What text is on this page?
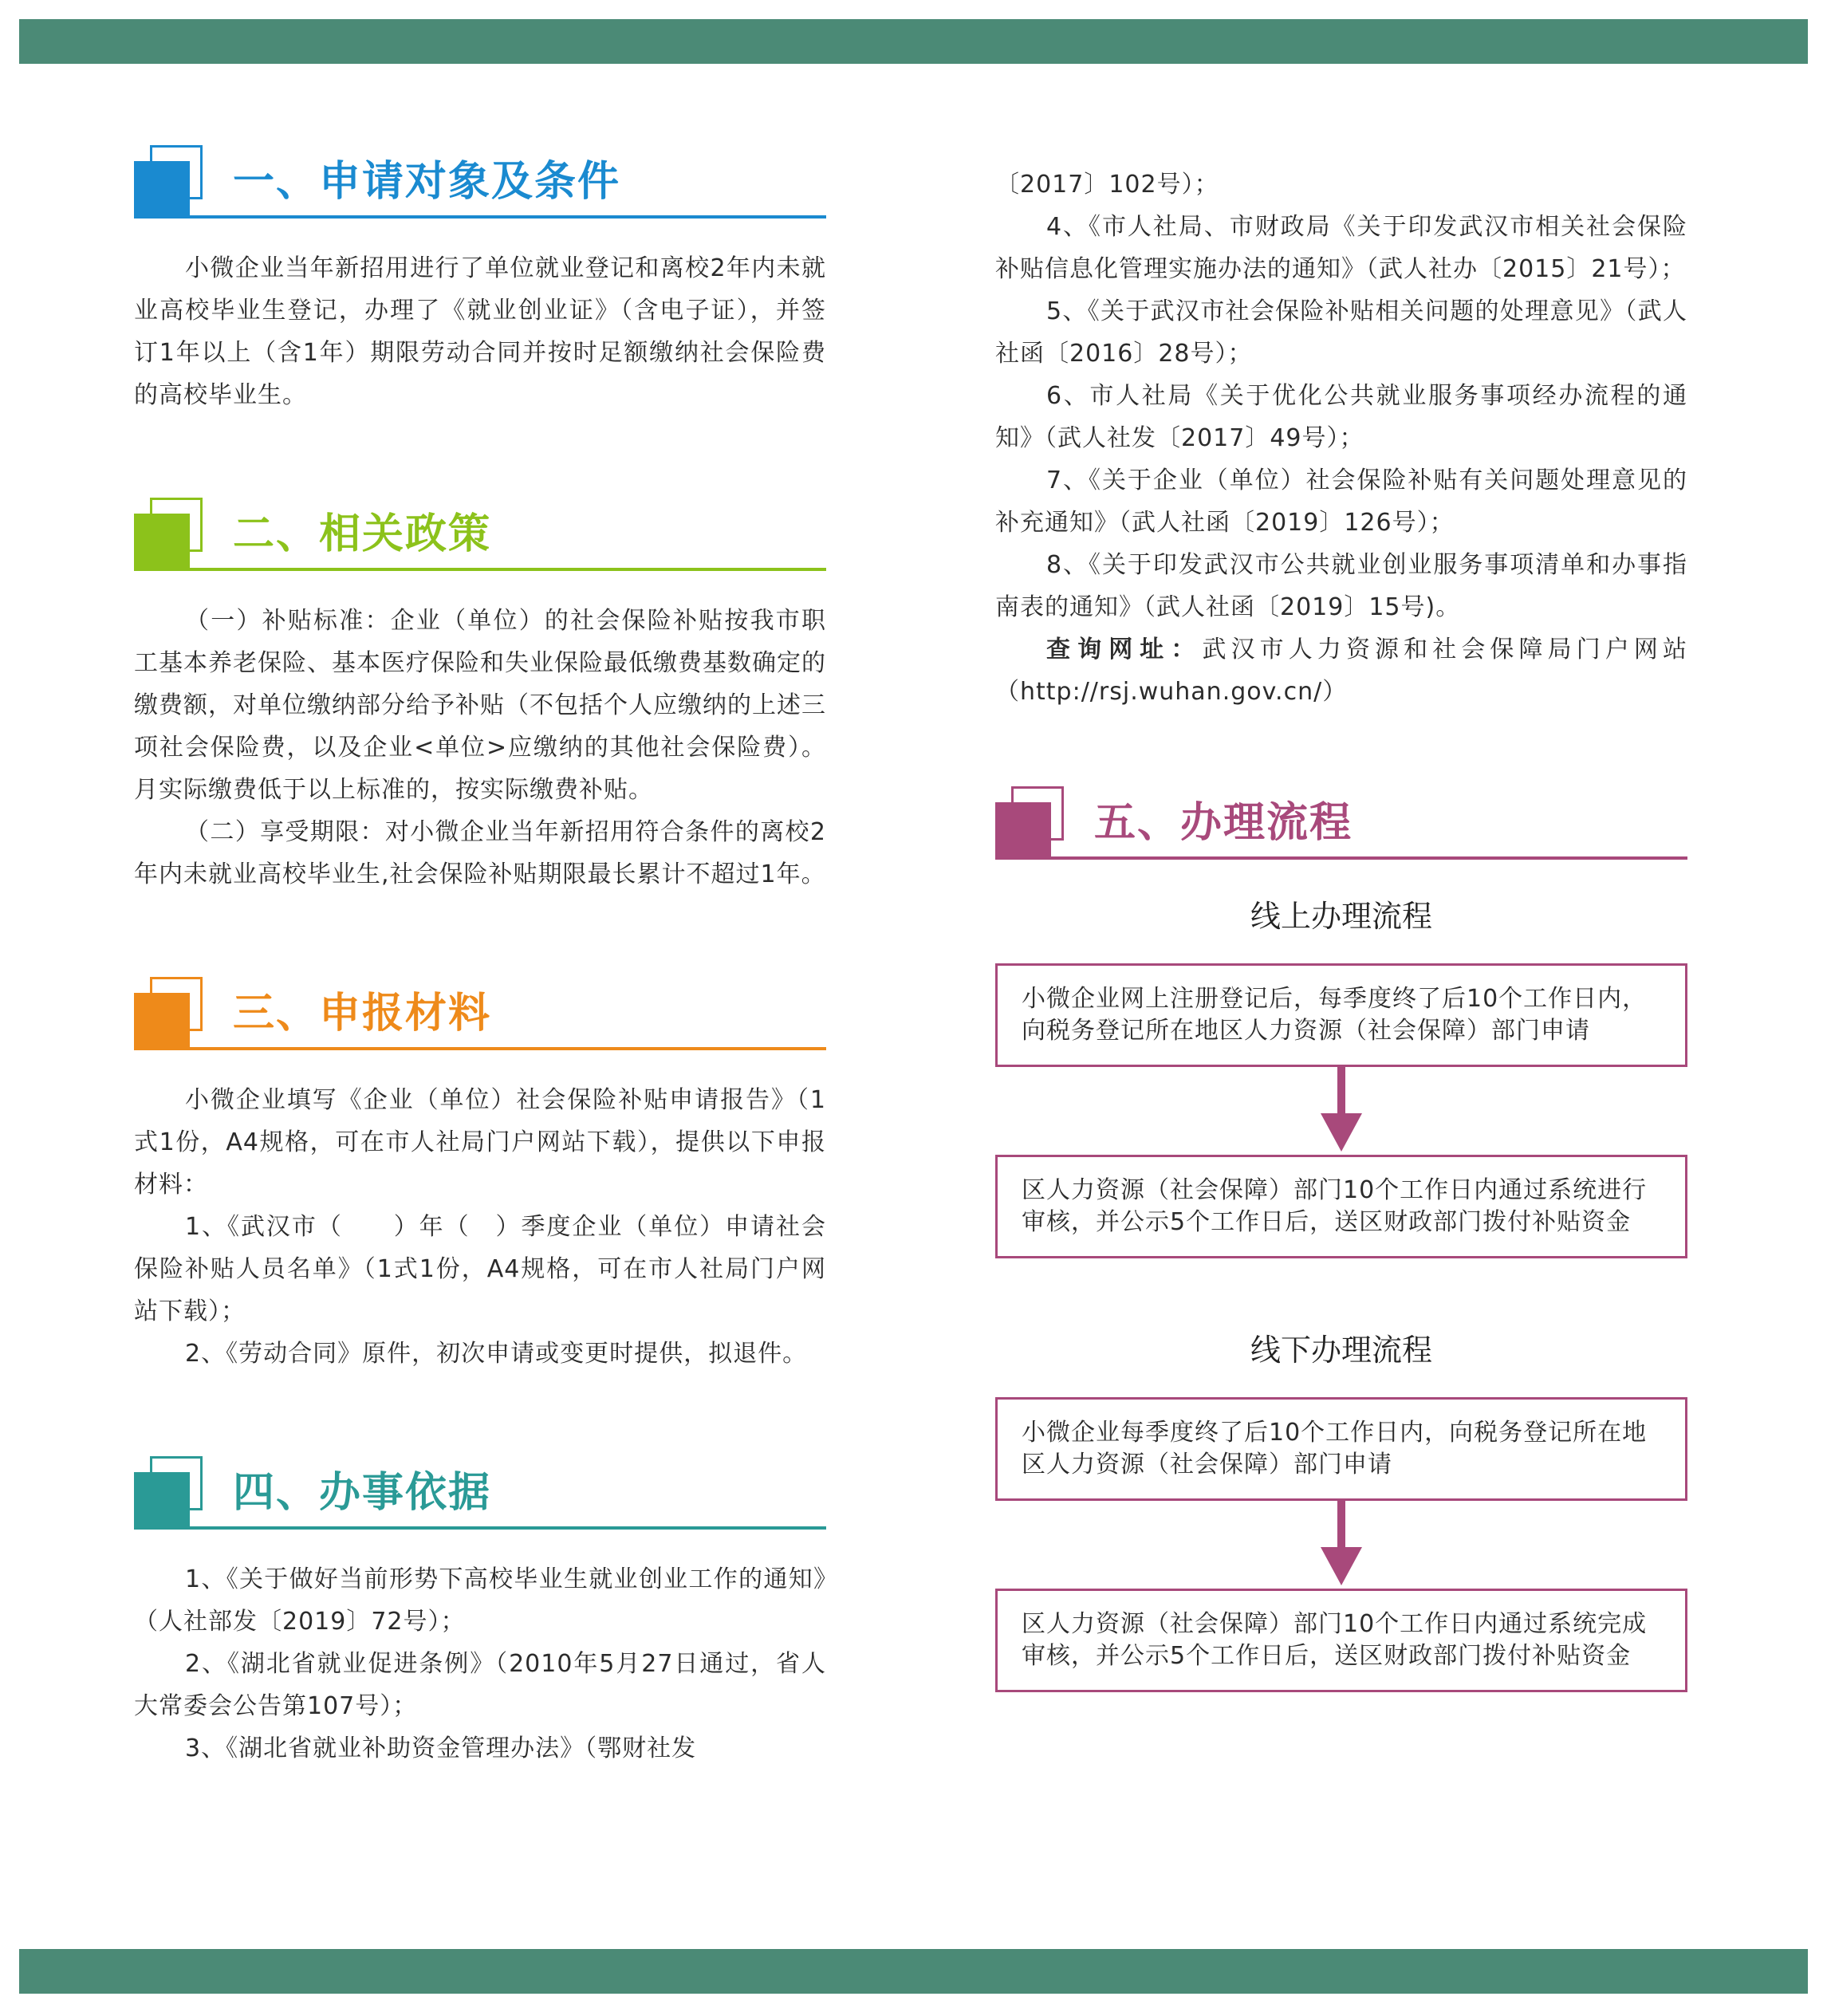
一、申请对象及条件

小微企业当年新招用进行了单位就业登记和离校2年内未就业高校毕业生登记，办理了《就业创业证》（含电子证），并签订1年以上（含1年）期限劳动合同并按时足额缴纳社会保险费的高校毕业生。

二、相关政策

（一）补贴标准：企业（单位）的社会保险补贴按我市职工基本养老保险、基本医疗保险和失业保险最低缴费基数确定的缴费额，对单位缴纳部分给予补贴（不包括个人应缴纳的上述三项社会保险费，以及企业<单位>应缴纳的其他社会保险费）。月实际缴费低于以上标准的，按实际缴费补贴。

（二）享受期限：对小微企业当年新招用符合条件的离校2年内未就业高校毕业生,社会保险补贴期限最长累计不超过1年。

三、申报材料

小微企业填写《企业（单位）社会保险补贴申请报告》（1式1份，A4规格，可在市人社局门户网站下载），提供以下申报材料：

1、《武汉市（　　）年（　）季度企业（单位）申请社会保险补贴人员名单》（1式1份，A4规格，可在市人社局门户网站下载）；

2、《劳动合同》原件，初次申请或变更时提供，拟退件。

四、办事依据

1、《关于做好当前形势下高校毕业生就业创业工作的通知》（人社部发〔2019〕72号）；

2、《湖北省就业促进条例》（2010年5月27日通过，省人大常委会公告第107号）；

3、《湖北省就业补助资金管理办法》（鄂财社发

〔2017〕102号）；

4、《市人社局、市财政局《关于印发武汉市相关社会保险补贴信息化管理实施办法的通知》（武人社办〔2015〕21号）；

5、《关于武汉市社会保险补贴相关问题的处理意见》（武人社函〔2016〕28号）；

6、市人社局《关于优化公共就业服务事项经办流程的通知》（武人社发〔2017〕49号）；

7、《关于企业（单位）社会保险补贴有关问题处理意见的补充通知》（武人社函〔2019〕126号）；

8、《关于印发武汉市公共就业创业服务事项清单和办事指南表的通知》（武人社函〔2019〕15号)。

查询网址：武汉市人力资源和社会保障局门户网站（http://rsj.wuhan.gov.cn/）

五、办理流程

线上办理流程

小微企业网上注册登记后，每季度终了后10个工作日内，向税务登记所在地区人力资源（社会保障）部门申请
区人力资源（社会保障）部门10个工作日内通过系统进行审核，并公示5个工作日后，送区财政部门拨付补贴资金

线下办理流程

小微企业每季度终了后10个工作日内，向税务登记所在地区人力资源（社会保障）部门申请
区人力资源（社会保障）部门10个工作日内通过系统完成审核，并公示5个工作日后，送区财政部门拨付补贴资金
